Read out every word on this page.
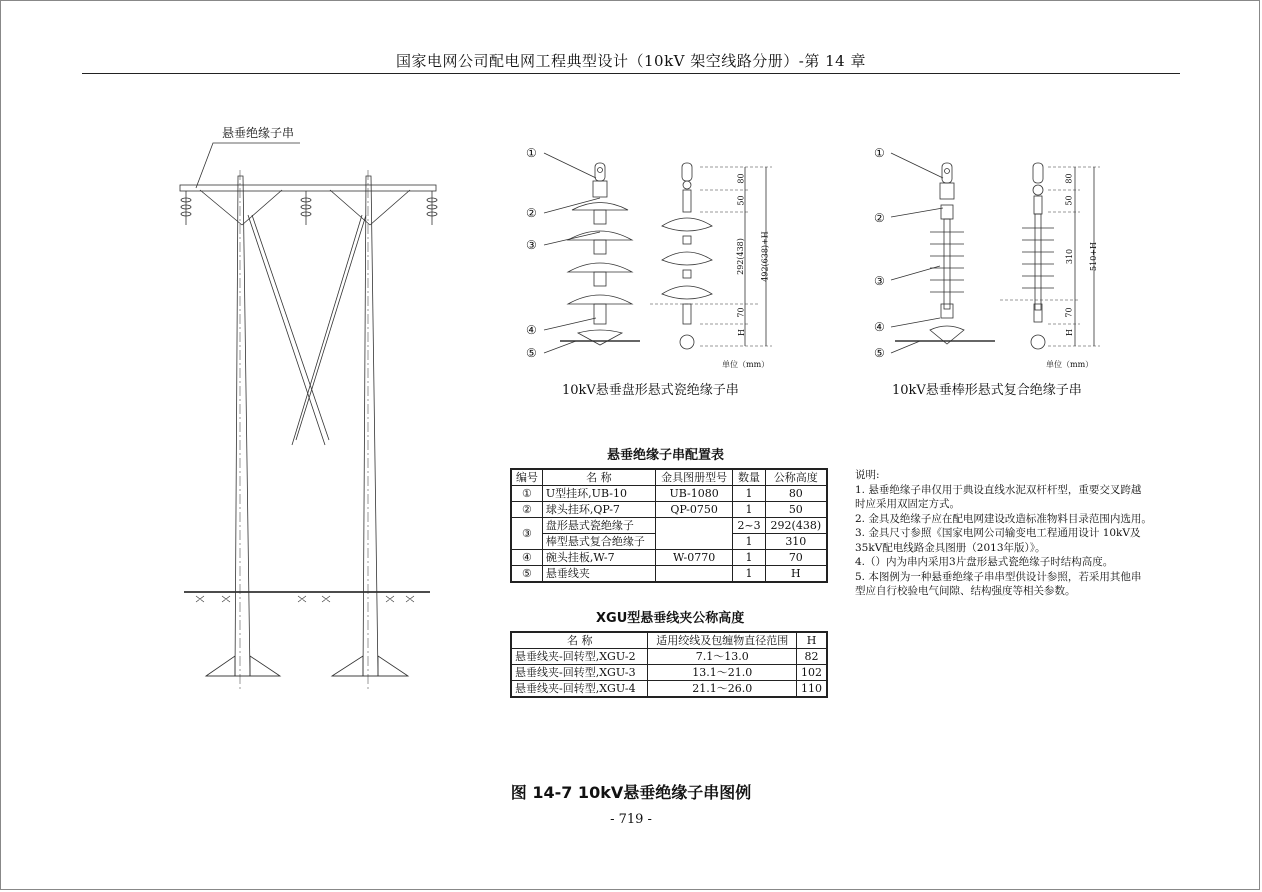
国家电网公司配电网工程典型设计（10kV 架空线路分册）-第 14 章
悬垂绝缘子串
①
②
③
④
⑤
80
50
292(438) 492(638)+H
70
H
单位（mm）
10kV悬垂盘形悬式瓷绝缘子串
①
②
③
④
⑤
80
50
310 510+H
70
H
单位（mm）
10kV悬垂棒形悬式复合绝缘子串
悬垂绝缘子串配置表
编号	名 称	金具图册型号	数量	公称高度
①	U型挂环,UB-10	UB-1080	1	80
②	球头挂环,QP-7	QP-0750	1	50
③	盘形悬式瓷绝缘子		2~3	292(438)
	棒型悬式复合绝缘子		1	310
④	碗头挂板,W-7	W-0770	1	70
⑤	悬垂线夹		1	H
XGU型悬垂线夹公称高度
名 称	适用绞线及包缠物直径范围	H
悬垂线夹-回转型,XGU-2	7.1～13.0	82
悬垂线夹-回转型,XGU-3	13.1～21.0	102
悬垂线夹-回转型,XGU-4	21.1～26.0	110
说明:
1. 悬垂绝缘子串仅用于典设直线水泥双杆杆型，重要交叉跨越
时应采用双固定方式。
2. 金具及绝缘子应在配电网建设改造标准物料目录范围内选用。
3. 金具尺寸参照《国家电网公司输变电工程通用设计 10kV及
35kV配电线路金具图册（2013年版）》。
4.（）内为串内采用3片盘形悬式瓷绝缘子时结构高度。
5. 本图例为一种悬垂绝缘子串串型供设计参照，若采用其他串
型应自行校验电气间隙、结构强度等相关参数。
图 14-7 10kV悬垂绝缘子串图例
- 719 -
